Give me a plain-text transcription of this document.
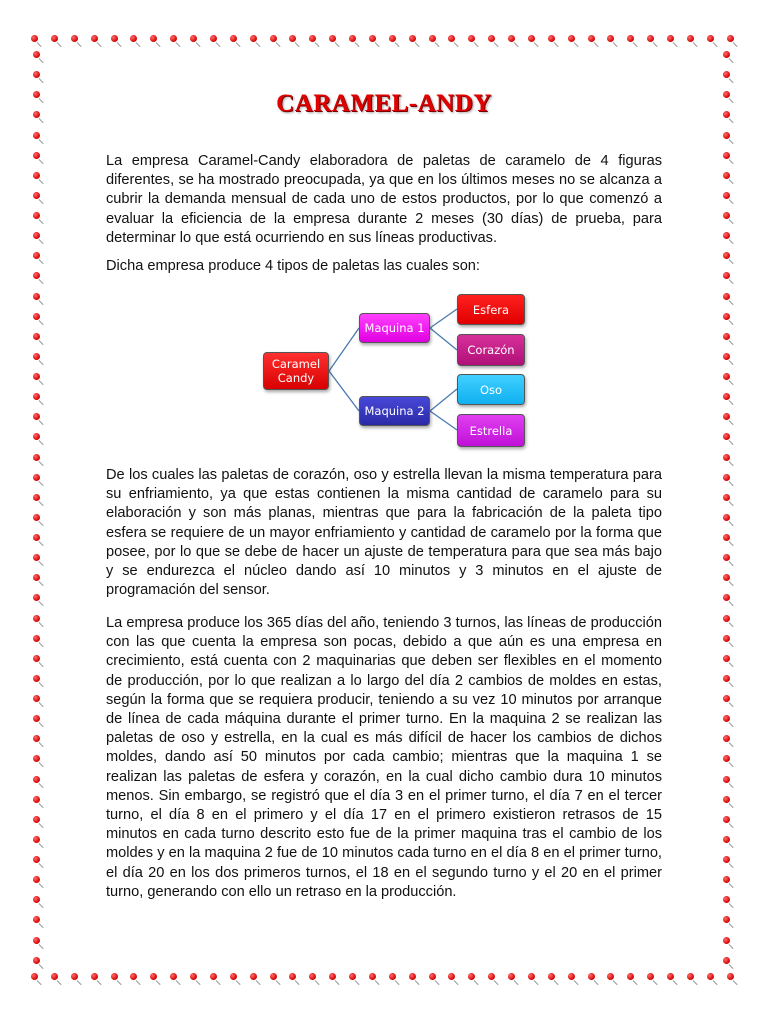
CARAMEL-ANDY

La empresa Caramel-Candy elaboradora de paletas de caramelo de 4 figuras diferentes, se ha mostrado preocupada, ya que en los últimos meses no se alcanza a cubrir la demanda mensual de cada uno de estos productos, por lo que comenzó a evaluar la eficiencia de la empresa durante 2 meses (30 días) de prueba, para determinar lo que está ocurriendo en sus líneas productivas.

Dicha empresa produce 4 tipos de paletas las cuales son:

Caramel Candy
Maquina 1
Maquina 2
Esfera
Corazón
Oso
Estrella

De los cuales las paletas de corazón, oso y estrella llevan la misma temperatura para su enfriamiento, ya que estas contienen la misma cantidad de caramelo para su elaboración y son más planas, mientras que para la fabricación de la paleta tipo esfera se requiere de un mayor enfriamiento y cantidad de caramelo por la forma que posee, por lo que se debe de hacer un ajuste de temperatura para que sea más bajo y se endurezca el núcleo dando así 10 minutos y 3 minutos en el ajuste de programación del sensor.

La empresa produce los 365 días del año, teniendo 3 turnos, las líneas de producción con las que cuenta la empresa son pocas, debido a que aún es una empresa en crecimiento, está cuenta con 2 maquinarias que deben ser flexibles en el momento de producción, por lo que realizan a lo largo del día 2 cambios de moldes en estas, según la forma que se requiera producir, teniendo a su vez 10 minutos por arranque de línea de cada máquina durante el primer turno. En la maquina 2 se realizan las paletas de oso y estrella, en la cual es más difícil de hacer los cambios de dichos moldes, dando así 50 minutos por cada cambio; mientras que la maquina 1 se realizan las paletas de esfera y corazón, en la cual dicho cambio dura 10 minutos menos. Sin embargo, se registró que el día 3 en el primer turno, el día 7 en el tercer turno, el día 8 en el primero y el día 17 en el primero existieron retrasos de 15 minutos en cada turno descrito esto fue de la primer maquina tras el cambio de los moldes y en la maquina 2 fue de 10 minutos cada turno en el día 8 en el primer turno, el día 20 en los dos primeros turnos, el 18 en el segundo turno y el 20 en el primer turno, generando con ello un retraso en la producción.
